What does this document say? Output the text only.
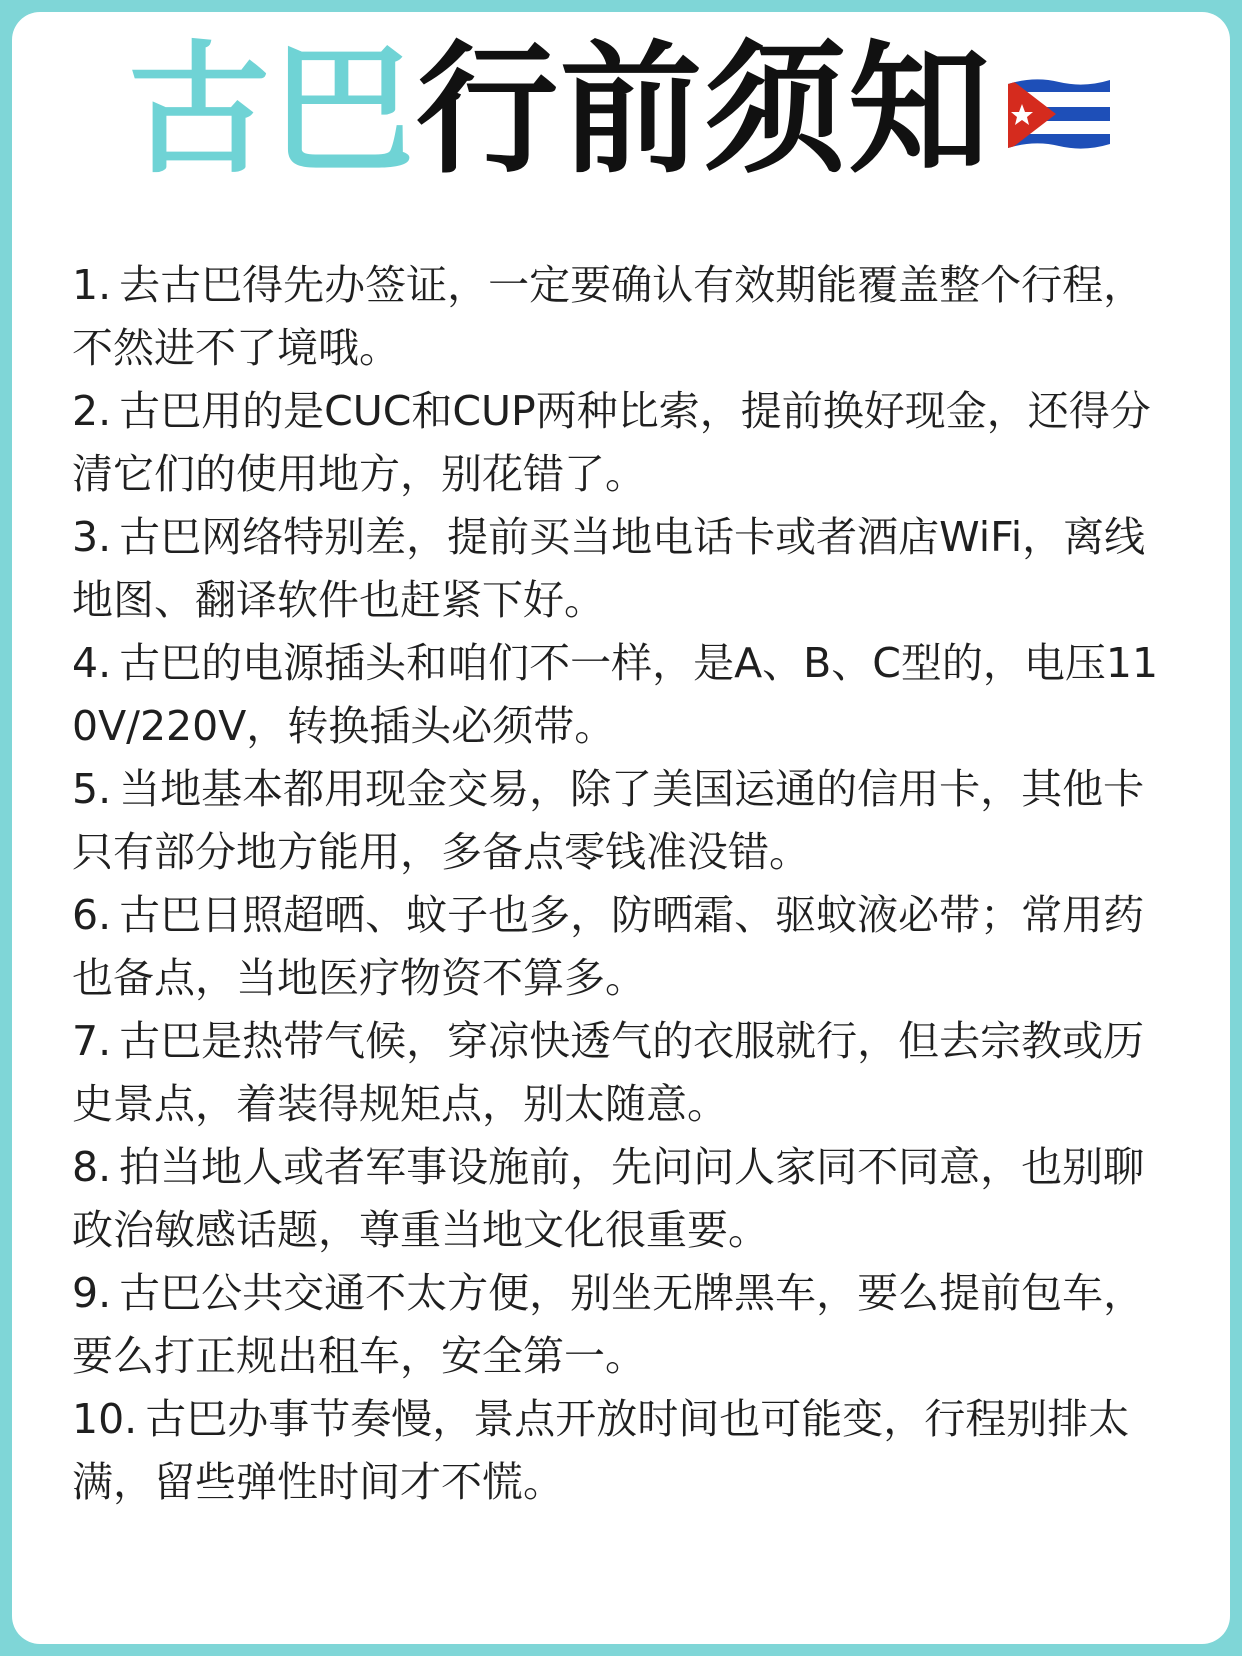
古巴 行前须知

1. 去古巴得先办签证，一定要确认有效期能覆盖整个行程，不然进不了境哦。

2. 古巴用的是CUC和CUP两种比索，提前换好现金，还得分清它们的使用地方，别花错了。

3. 古巴网络特别差，提前买当地电话卡或者酒店WiFi，离线地图、翻译软件也赶紧下好。

4. 古巴的电源插头和咱们不一样，是A、B、C型的，电压110V/220V，转换插头必须带。

5. 当地基本都用现金交易，除了美国运通的信用卡，其他卡只有部分地方能用，多备点零钱准没错。

6. 古巴日照超晒、蚊子也多，防晒霜、驱蚊液必带；常用药也备点，当地医疗物资不算多。

7. 古巴是热带气候，穿凉快透气的衣服就行，但去宗教或历史景点，着装得规矩点，别太随意。

8. 拍当地人或者军事设施前，先问问人家同不同意，也别聊政治敏感话题，尊重当地文化很重要。

9. 古巴公共交通不太方便，别坐无牌黑车，要么提前包车，要么打正规出租车，安全第一。

10. 古巴办事节奏慢，景点开放时间也可能变，行程别排太满，留些弹性时间才不慌。
